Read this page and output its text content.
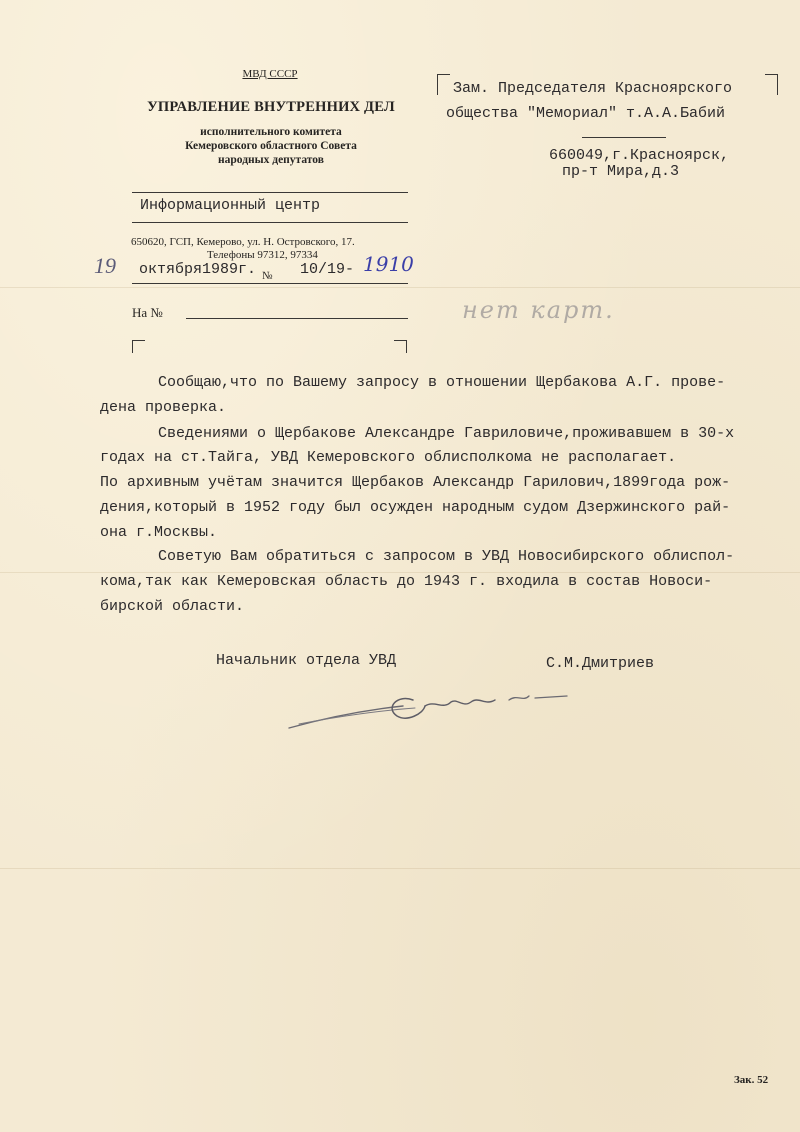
МВД СССР
УПРАВЛЕНИЕ ВНУТРЕННИХ ДЕЛ
исполнительного комитета
Кемеровского областного Совета
народных депутатов
Информационный центр
650620, ГСП, Кемерово, ул. Н. Островского, 17.
Телефоны 97312, 97334
19 октября1989г. № 10/19- 1910
На №
Зам. Председателя Красноярского
общества "Мемориал" т.А.А.Бабий
660049,г.Красноярск,
пр-т Мира,д.3
нет карт.
Сообщаю,что по Вашему запросу в отношении Щербакова А.Г. прове-
дена проверка.
Сведениями о Щербакове Александре Гавриловиче,проживавшем в 30-х
годах на ст.Тайга, УВД Кемеровского облисполкома не располагает.
По архивным учётам значится Щербаков Александр Гарилович,1899года рож-
дения,который в 1952 году был осужден народным судом Дзержинского рай-
она г.Москвы.
Советую Вам обратиться с запросом в УВД Новосибирского облиспол-
кома,так как Кемеровская область до 1943 г. входила в состав Новоси-
бирской области.
Начальник отдела УВД	С.М.Дмитриев
Зак. 52
